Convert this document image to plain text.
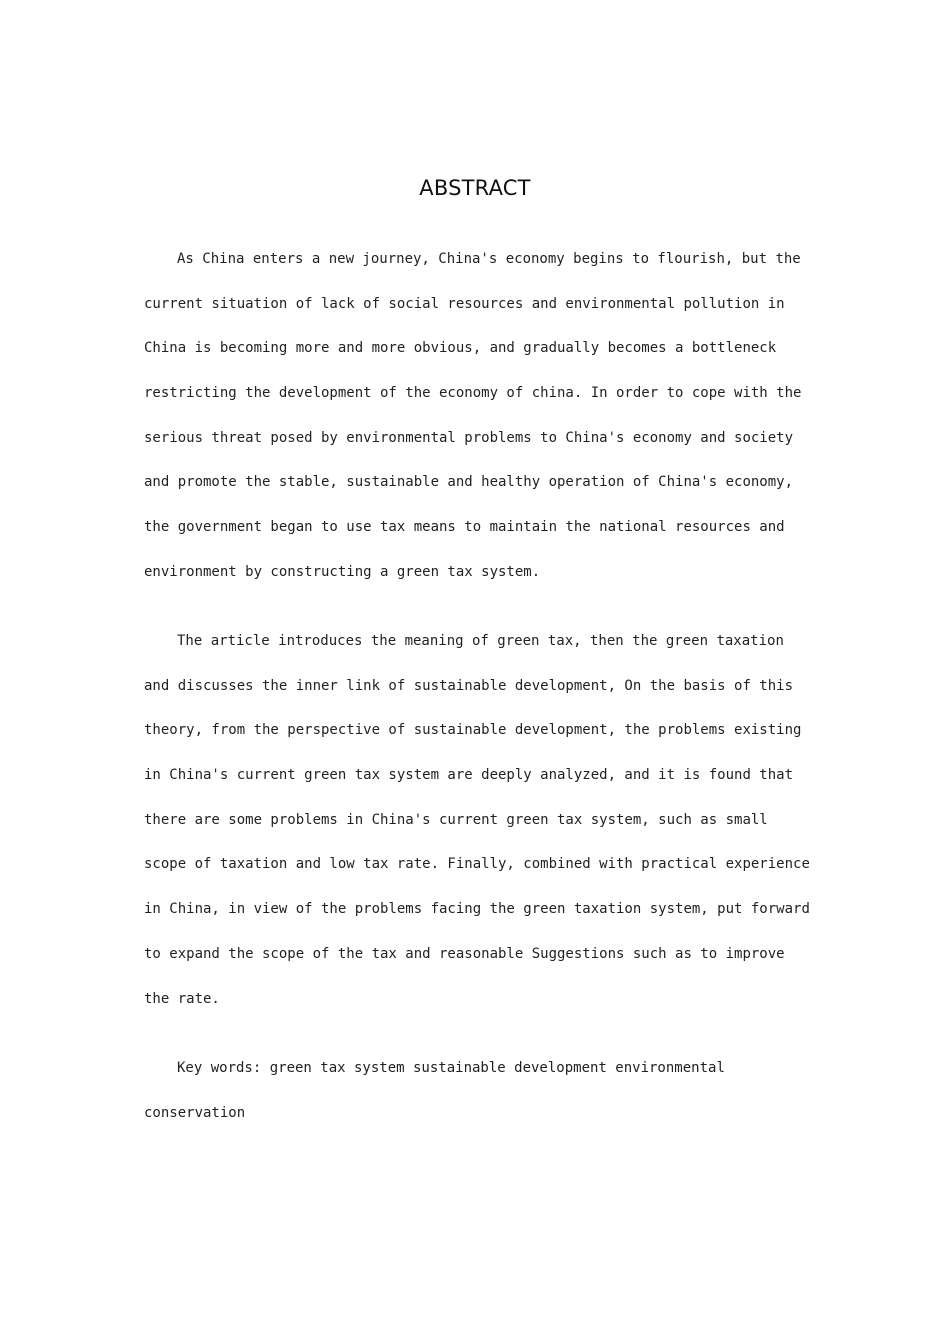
ABSTRACT
As China enters a new journey, China's economy begins to flourish, but the
current situation of lack of social resources and environmental pollution in
China is becoming more and more obvious, and gradually becomes a bottleneck
restricting the development of the economy of china. In order to cope with the
serious threat posed by environmental problems to China's economy and society
and promote the stable, sustainable and healthy operation of China's economy,
the government began to use tax means to maintain the national resources and
environment by constructing a green tax system.
The article introduces the meaning of green tax, then the green taxation
and discusses the inner link of sustainable development, On the basis of this
theory, from the perspective of sustainable development, the problems existing
in China's current green tax system are deeply analyzed, and it is found that
there are some problems in China's current green tax system, such as small
scope of taxation and low tax rate. Finally, combined with practical experience
in China, in view of the problems facing the green taxation system, put forward
to expand the scope of the tax and reasonable Suggestions such as to improve
the rate.
Key words: green tax system sustainable development environmental
conservation
